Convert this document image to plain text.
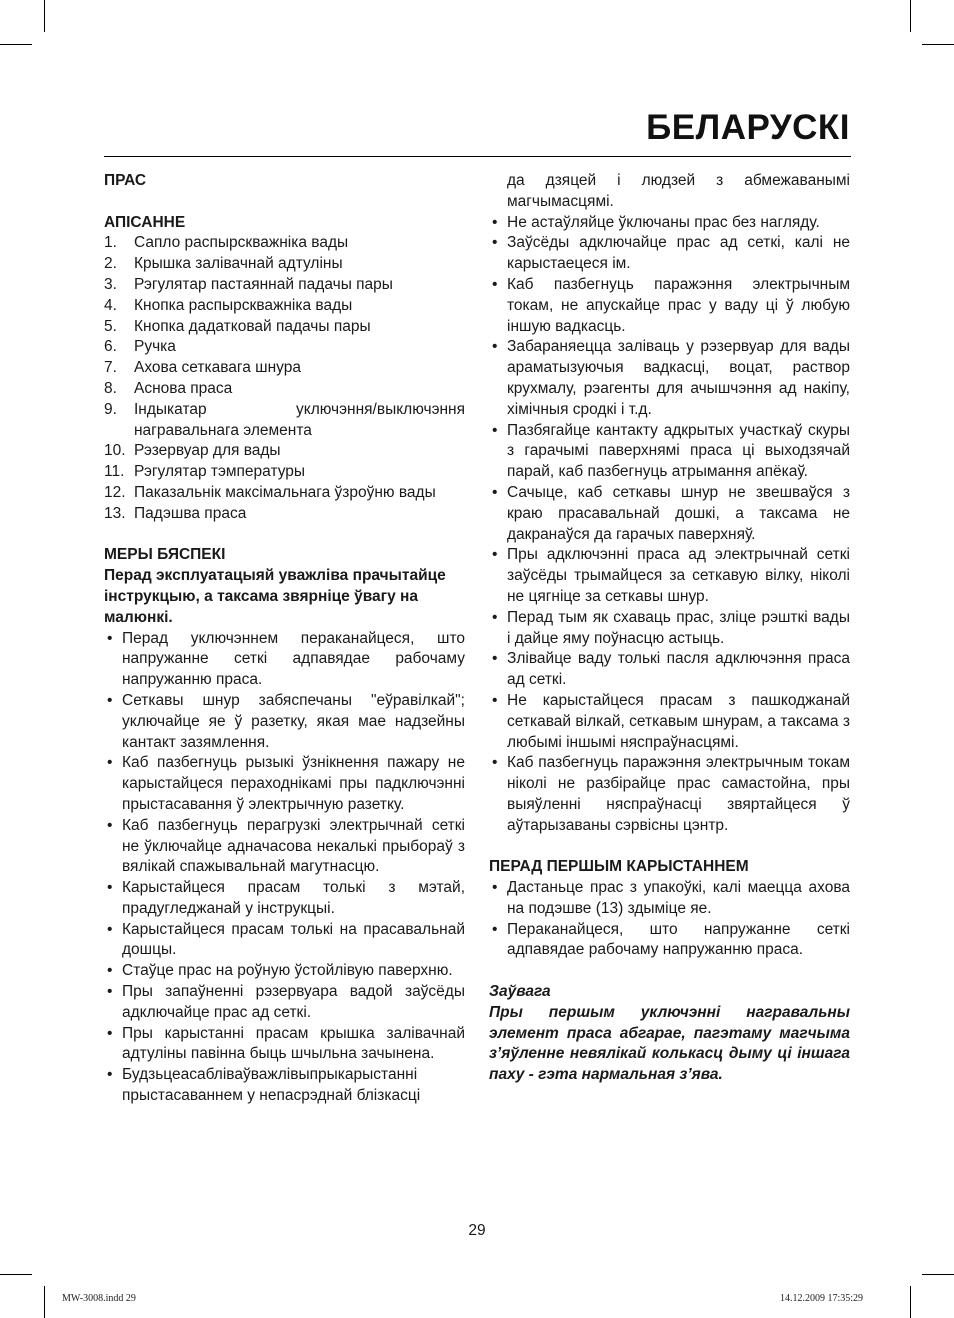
БЕЛАРУСКI
ПРАС
АПIСАННЕ
1.	Сапло распырскважнiка вады
2.	Крышка залiвачнай адтулiны
3.	Рэгулятар пастаяннай падачы пары
4.	Кнопка распырскважнiка вады
5.	Кнопка дадатковай падачы пары
6.	Ручка
7.	Ахова сеткавага шнура
8.	Аснова праса
9.	Iндыкатар уключэння/выключэння награвальнага элемента
10. Рэзервуар для вады
11. Рэгулятар тэмпературы
12. Паказальнiк максiмальнага ўзроўню вады
13. Падэшва праса
МЕРЫ БЯСПЕКI
Перад эксплуатацыяй уважлiва прачытайце iнструкцыю, а таксама звярнiце ўвагу на малюнкi.
• Перад уключэннем пераканайцеся, што напружанне сеткi адпавядае рабочаму напружанню праса.
• Сеткавы шнур забяспечаны "еўравiлкай"; уключайце яе ў разетку, якая мае надзейны кантакт зазямлення.
• Каб пазбегнуць рызыкi ўзнiкнення пажару не карыстайцеся пераходнiкамi пры падключэннi прыстасавання ў электрычную разетку.
• Каб пазбегнуць перагрузкi электрычнай сеткi не ўключайце адначасова некалькi прыбораў з вялiкай спажывальнай магутнасцю.
• Карыстайцеся прасам толькi з мэтай, прадугледжанай у iнструкцыi.
• Карыстайцеся прасам толькi на прасавальнай дошцы.
• Стаўце прас на роўную ўстойлiвую паверхню.
• Пры запаўненнi рэзервуара вадой заўсёды адключайце прас ад сеткi.
• Пры карыстаннi прасам крышка залiвачнай адтулiны павiнна быць шчыльна зачынена.
• Будзьцеасаблiваўважлiвыпрыкарыстаннi прыстасаваннем у непасрэднай блiзкасцi
да дзяцей i людзей з абмежаванымi магчымасцямi.
• Не астаўляйце ўключаны прас без нагляду.
• Заўсёды адключайце прас ад сеткi, калi не карыстаецеся iм.
• Каб пазбегнуць паражэння электрычным токам, не апускайце прас у ваду цi ў любую iншую вадкасць.
• Забараняецца залiваць у рэзервуар для вады араматызуючыя вадкасцi, воцат, раствор крухмалу, рэагенты для ачышчэння ад накiпу, хiмiчныя сродкi i т.д.
• Пазбягайце кантакту адкрытых участкаў скуры з гарачымi паверхнямi праса цi выходзячай парай, каб пазбегнуць атрымання апёкаў.
• Сачыце, каб сеткавы шнур не звешваўся з краю прасавальнай дошкi, а таксама не дакранаўся да гарачых паверхняў.
• Пры адключэннi праса ад электрычнай сеткi заўсёды трымайцеся за сеткавую вiлку, нiколi не цягнiце за сеткавы шнур.
• Перад тым як схаваць прас, злiце рэшткi вады i дайце яму поўнасцю астыць.
• Злiвайце ваду толькi пасля адключэння праса ад сеткi.
• Не карыстайцеся прасам з пашкоджанай сеткавай вiлкай, сеткавым шнурам, а таксама з любымi iншымi няспраўнасцямi.
• Каб пазбегнуць паражэння электрычным токам нiколi не разбiрайце прас самастойна, пры выяўленнi няспраўнасцi звяртайцеся ў аўтарызаваны сэрвiсны цэнтр.
ПЕРАД ПЕРШЫМ КАРЫСТАННЕМ
• Дастаньце прас з упакоўкi, калi маецца ахова на подэшве (13) здымiце яе.
• Пераканайцеся, што напружанне сеткi адпавядае рабочаму напружанню праса.
Заўвага
Пры першым уключэннi награвальны элемент праса абгарае, пагэтаму магчыма з’яўленне невялiкай колькасц дыму цi iншага паху - гэта нармальная з’ява.
29
MW-3008.indd 29	14.12.2009 17:35:29
